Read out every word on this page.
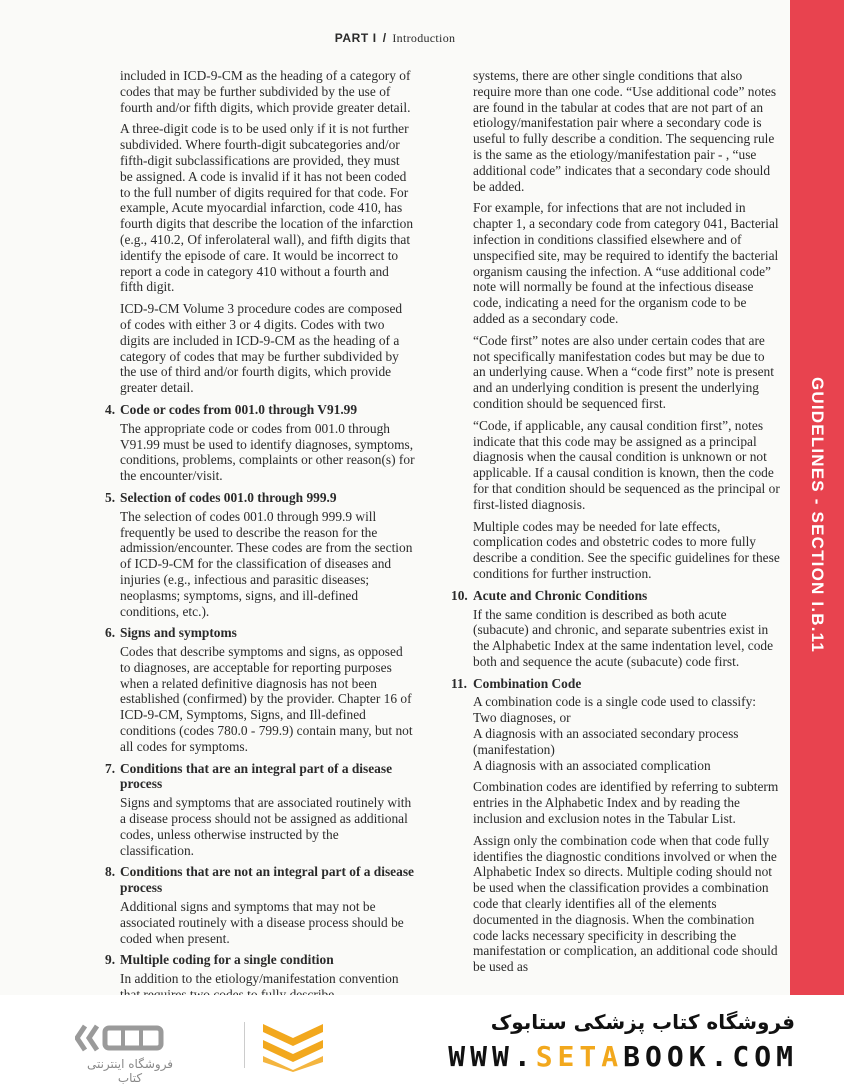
PART I / Introduction

included in ICD-9-CM as the heading of a category of codes that may be further subdivided by the use of fourth and/or fifth digits, which provide greater detail.

A three-digit code is to be used only if it is not further subdivided. Where fourth-digit subcategories and/or fifth-digit subclassifications are provided, they must be assigned. A code is invalid if it has not been coded to the full number of digits required for that code. For example, Acute myocardial infarction, code 410, has fourth digits that describe the location of the infarction (e.g., 410.2, Of inferolateral wall), and fifth digits that identify the episode of care. It would be incorrect to report a code in category 410 without a fourth and fifth digit.

ICD-9-CM Volume 3 procedure codes are composed of codes with either 3 or 4 digits. Codes with two digits are included in ICD-9-CM as the heading of a category of codes that may be further subdivided by the use of third and/or fourth digits, which provide greater detail.

4. Code or codes from 001.0 through V91.99

The appropriate code or codes from 001.0 through V91.99 must be used to identify diagnoses, symptoms, conditions, problems, complaints or other reason(s) for the encounter/visit.

5. Selection of codes 001.0 through 999.9

The selection of codes 001.0 through 999.9 will frequently be used to describe the reason for the admission/encounter. These codes are from the section of ICD-9-CM for the classification of diseases and injuries (e.g., infectious and parasitic diseases; neoplasms; symptoms, signs, and ill-defined conditions, etc.).

6. Signs and symptoms

Codes that describe symptoms and signs, as opposed to diagnoses, are acceptable for reporting purposes when a related definitive diagnosis has not been established (confirmed) by the provider. Chapter 16 of ICD-9-CM, Symptoms, Signs, and Ill-defined conditions (codes 780.0 - 799.9) contain many, but not all codes for symptoms.

7. Conditions that are an integral part of a disease process

Signs and symptoms that are associated routinely with a disease process should not be assigned as additional codes, unless otherwise instructed by the classification.

8. Conditions that are not an integral part of a disease process

Additional signs and symptoms that may not be associated routinely with a disease process should be coded when present.

9. Multiple coding for a single condition

In addition to the etiology/manifestation convention

systems, there are other single conditions that also require more than one code. “Use additional code” notes are found in the tabular at codes that are not part of an etiology/manifestation pair where a secondary code is useful to fully describe a condition. The sequencing rule is the same as the etiology/manifestation pair - , “use additional code” indicates that a secondary code should be added.

For example, for infections that are not included in chapter 1, a secondary code from category 041, Bacterial infection in conditions classified elsewhere and of unspecified site, may be required to identify the bacterial organism causing the infection. A “use additional code” note will normally be found at the infectious disease code, indicating a need for the organism code to be added as a secondary code.

“Code first” notes are also under certain codes that are not specifically manifestation codes but may be due to an underlying cause. When a “code first” note is present and an underlying condition is present the underlying condition should be sequenced first.

“Code, if applicable, any causal condition first”, notes indicate that this code may be assigned as a principal diagnosis when the causal condition is unknown or not applicable. If a causal condition is known, then the code for that condition should be sequenced as the principal or first-listed diagnosis.

Multiple codes may be needed for late effects, complication codes and obstetric codes to more fully describe a condition. See the specific guidelines for these conditions for further instruction.

10. Acute and Chronic Conditions

If the same condition is described as both acute (subacute) and chronic, and separate subentries exist in the Alphabetic Index at the same indentation level, code both and sequence the acute (subacute) code first.

11. Combination Code

A combination code is a single code used to classify:

Two diagnoses, or

A diagnosis with an associated secondary process (manifestation)

A diagnosis with an associated complication

Combination codes are identified by referring to subterm entries in the Alphabetic Index and by reading the inclusion and exclusion notes in the Tabular List.

Assign only the combination code when that code fully identifies the diagnostic conditions involved or when the Alphabetic Index so directs. Multiple coding should not be used when the classification provides a combination code that clearly identifies all of the elements documented in the diagnosis. When the combination code lacks necessary specificity in describing the manifestation or complication, an additional code should be used as

GUIDELINES - SECTION I.B.11
فروشگاه اینترنتی کتاب
فروشگاه کتاب پزشکی ستابوک
WWW.SETABOOK.COM
